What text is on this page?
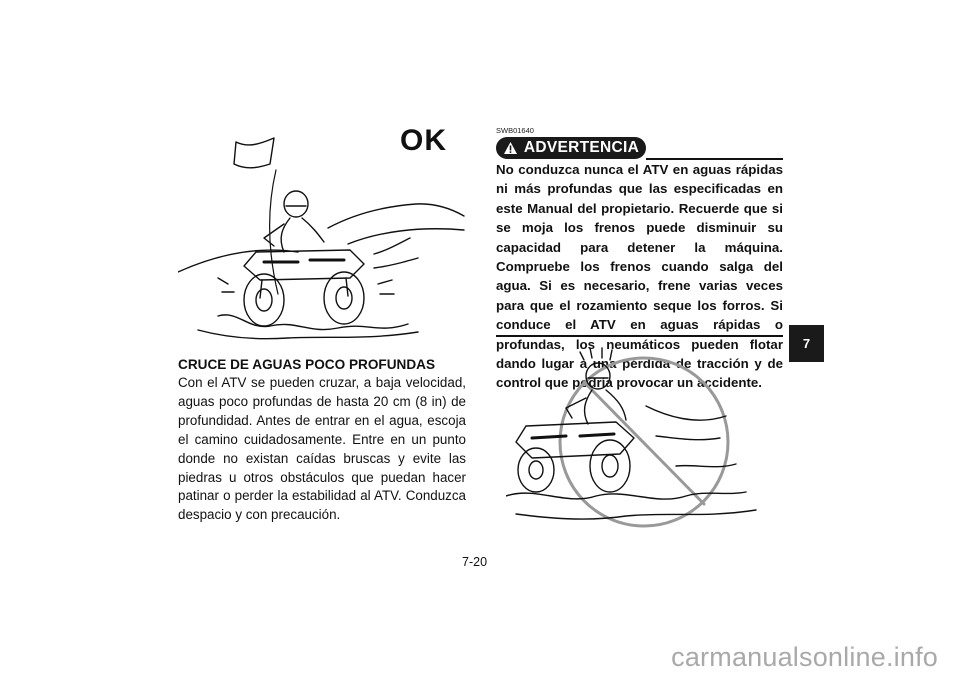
OK
CRUCE DE AGUAS POCO PROFUNDAS
Con el ATV se pueden cruzar, a baja velocidad, aguas poco profundas de hasta 20 cm (8 in) de profundidad. Antes de entrar en el agua, escoja el camino cuidadosamente. Entre en un punto donde no existan caídas bruscas y evite las piedras u otros obstáculos que puedan hacer patinar o perder la estabilidad al ATV. Conduzca despacio y con precaución.
SWB01640
ADVERTENCIA
No conduzca nunca el ATV en aguas rápidas ni más profundas que las especificadas en este Manual del propietario. Recuerde que si se moja los frenos puede disminuir su capacidad para detener la máquina. Compruebe los frenos cuando salga del agua. Si es necesario, frene varias veces para que el rozamiento seque los forros. Si conduce el ATV en aguas rápidas o profundas, los neumáticos pueden flotar dando lugar a una pérdida de tracción y de control que podría provocar un accidente.
7
7-20
carmanualsonline.info
